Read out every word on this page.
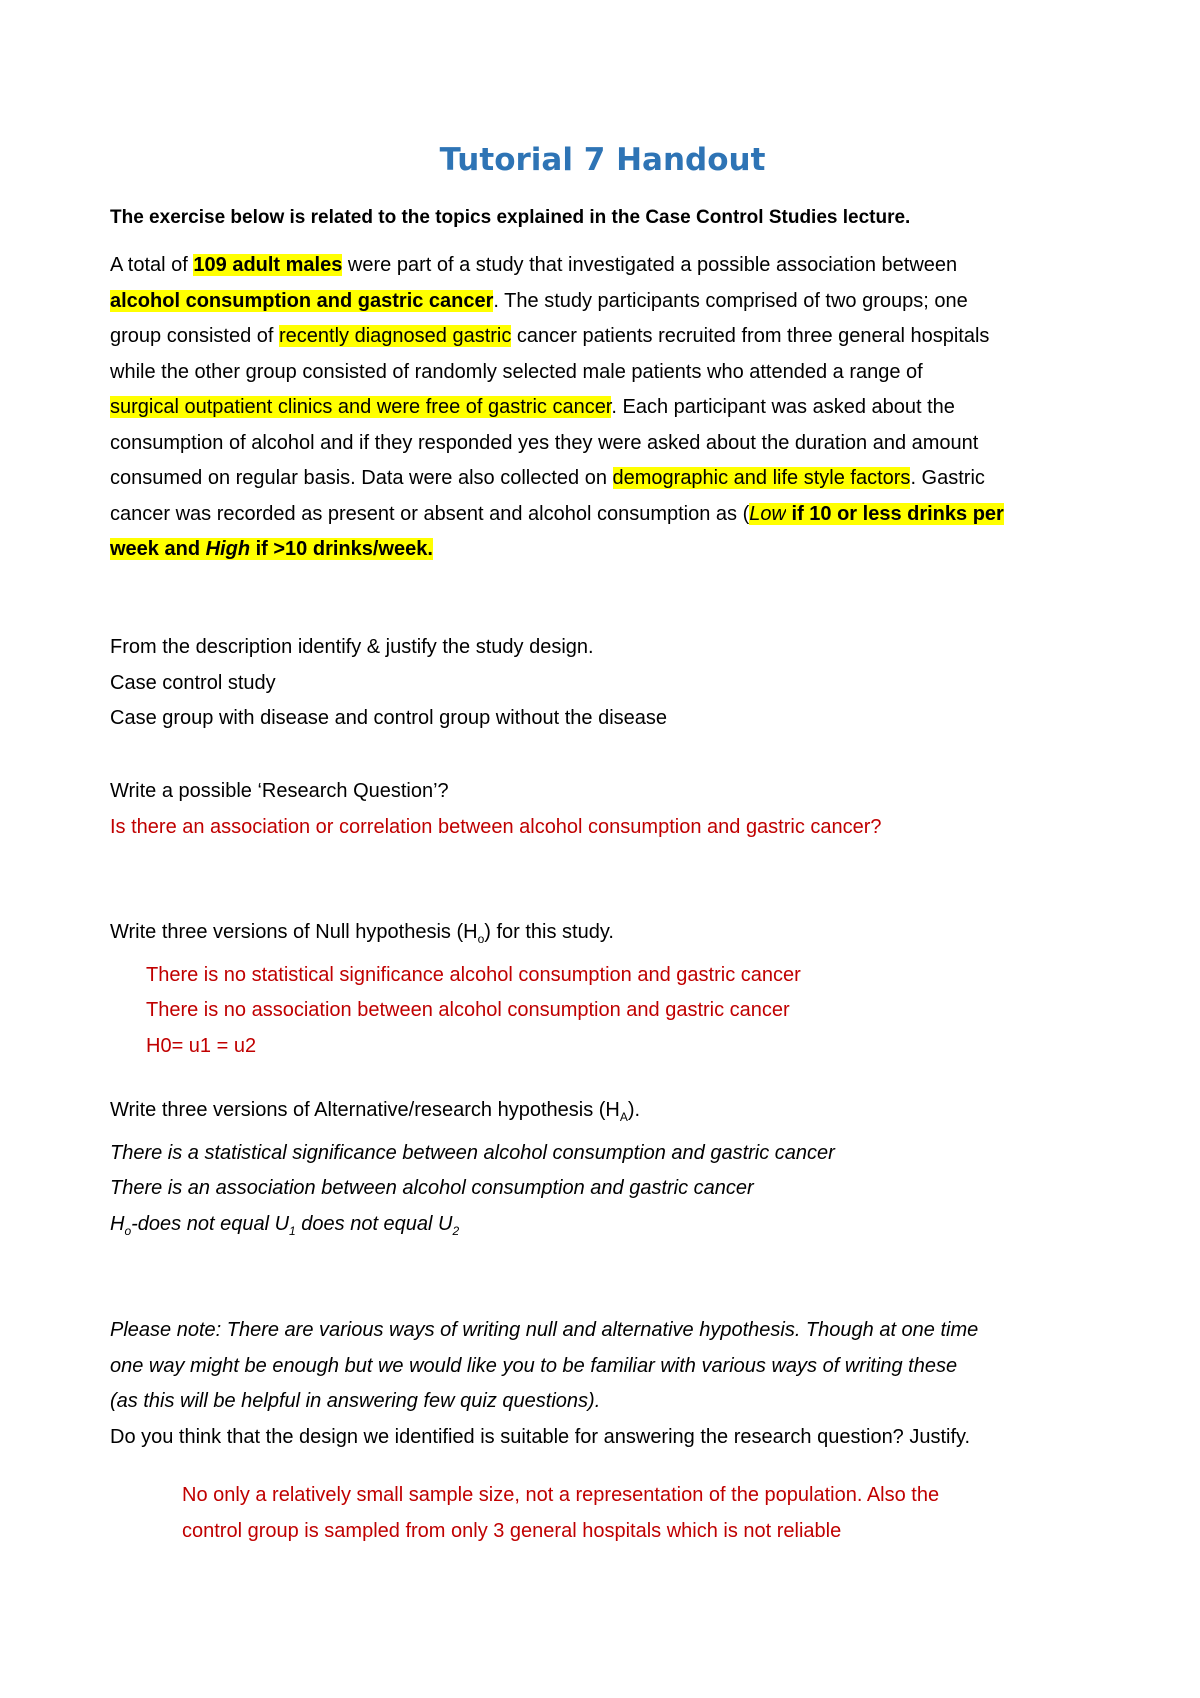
Tutorial 7 Handout

The exercise below is related to the topics explained in the Case Control Studies lecture.

A total of 109 adult males were part of a study that investigated a possible association between
alcohol consumption and gastric cancer. The study participants comprised of two groups; one
group consisted of recently diagnosed gastric cancer patients recruited from three general hospitals
while the other group consisted of randomly selected male patients who attended a range of
surgical outpatient clinics and were free of gastric cancer. Each participant was asked about the
consumption of alcohol and if they responded yes they were asked about the duration and amount
consumed on regular basis. Data were also collected on demographic and life style factors. Gastric
cancer was recorded as present or absent and alcohol consumption as (Low if 10 or less drinks per
week and High if >10 drinks/week.
From the description identify & justify the study design.
Case control study
Case group with disease and control group without the disease
Write a possible ‘Research Question’?
Is there an association or correlation between alcohol consumption and gastric cancer?
Write three versions of Null hypothesis $(H_o)$ for this study.
There is no statistical significance alcohol consumption and gastric cancer
There is no association between alcohol consumption and gastric cancer
H0= u1 = u2
Write three versions of Alternative/research hypothesis $(H_A)$.
There is a statistical significance between alcohol consumption and gastric cancer
There is an association between alcohol consumption and gastric cancer
$H_o$-does not equal $U_1$ does not equal $U_2$
Please note: There are various ways of writing null and alternative hypothesis. Though at one time
one way might be enough but we would like you to be familiar with various ways of writing these
(as this will be helpful in answering few quiz questions).
Do you think that the design we identified is suitable for answering the research question? Justify.
No only a relatively small sample size, not a representation of the population. Also the
control group is sampled from only 3 general hospitals which is not reliable
